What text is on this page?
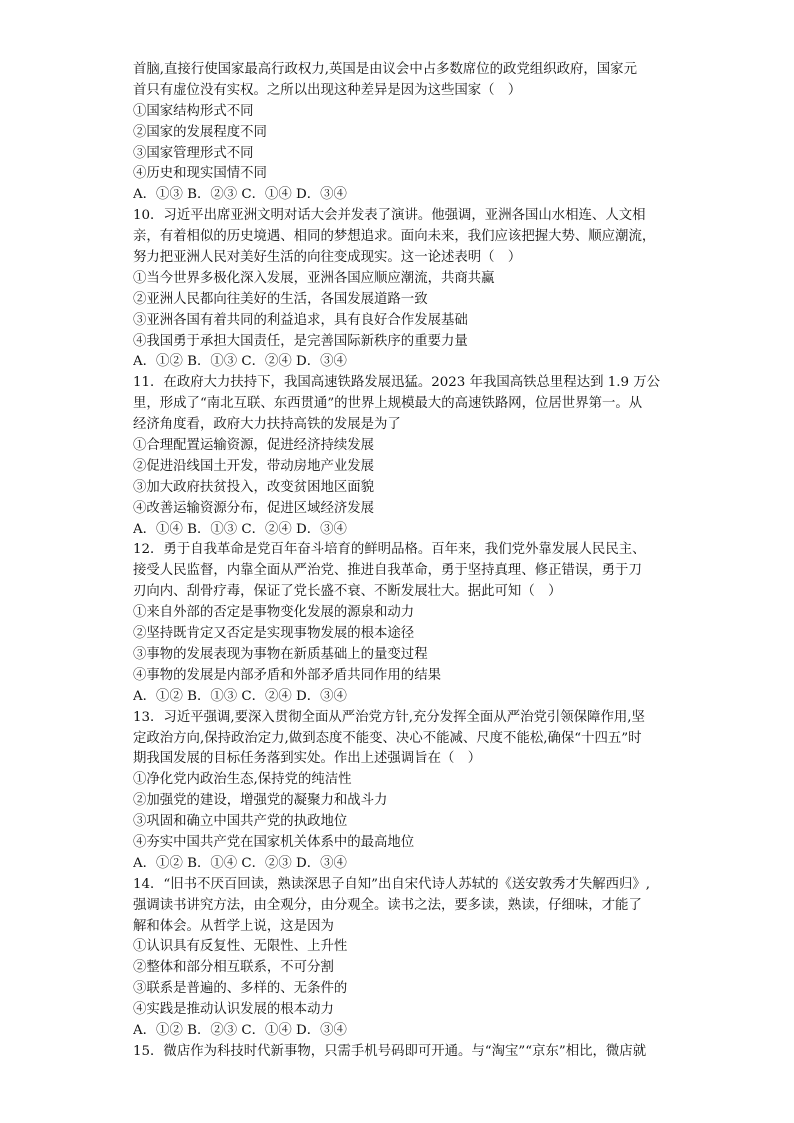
首脑,直接行使国家最高行政权力,英国是由议会中占多数席位的政党组织政府，国家元
首只有虚位没有实权。之所以出现这种差异是因为这些国家（　）
①国家结构形式不同
②国家的发展程度不同
③国家管理形式不同
④历史和现实国情不同
A．①③ B．②③ C．①④ D．③④
10．习近平出席亚洲文明对话大会并发表了演讲。他强调，亚洲各国山水相连、人文相
亲，有着相似的历史境遇、相同的梦想追求。面向未来，我们应该把握大势、顺应潮流，
努力把亚洲人民对美好生活的向往变成现实。这一论述表明（　）
①当今世界多极化深入发展，亚洲各国应顺应潮流，共商共赢
②亚洲人民都向往美好的生活，各国发展道路一致
③亚洲各国有着共同的利益追求，具有良好合作发展基础
④我国勇于承担大国责任，是完善国际新秩序的重要力量
A．①② B．①③ C．②④ D．③④
11．在政府大力扶持下，我国高速铁路发展迅猛。2023 年我国高铁总里程达到 1.9 万公
里，形成了“南北互联、东西贯通”的世界上规模最大的高速铁路网，位居世界第一。从
经济角度看，政府大力扶持高铁的发展是为了
①合理配置运输资源，促进经济持续发展
②促进沿线国土开发，带动房地产业发展
③加大政府扶贫投入，改变贫困地区面貌
④改善运输资源分布，促进区域经济发展
A．①④ B．①③ C．②④ D．③④
12．勇于自我革命是党百年奋斗培育的鲜明品格。百年来，我们党外靠发展人民民主、
接受人民监督，内靠全面从严治党、推进自我革命，勇于坚持真理、修正错误，勇于刀
刃向内、刮骨疗毒，保证了党长盛不衰、不断发展壮大。据此可知（　）
①来自外部的否定是事物变化发展的源泉和动力
②坚持既肯定又否定是实现事物发展的根本途径
③事物的发展表现为事物在新质基础上的量变过程
④事物的发展是内部矛盾和外部矛盾共同作用的结果
A．①② B．①③ C．②④ D．③④
13．习近平强调,要深入贯彻全面从严治党方针,充分发挥全面从严治党引领保障作用,坚
定政治方向,保持政治定力,做到态度不能变、决心不能减、尺度不能松,确保“十四五”时
期我国发展的目标任务落到实处。作出上述强调旨在（　）
①净化党内政治生态,保持党的纯洁性
②加强党的建设，增强党的凝聚力和战斗力
③巩固和确立中国共产党的执政地位
④夯实中国共产党在国家机关体系中的最高地位
A．①② B．①④ C．②③ D．③④
14．“旧书不厌百回读，熟读深思子自知”出自宋代诗人苏轼的《送安敦秀才失解西归》,
强调读书讲究方法，由全观分，由分观全。读书之法，要多读，熟读，仔细味，才能了
解和体会。从哲学上说，这是因为
①认识具有反复性、无限性、上升性
②整体和部分相互联系，不可分割
③联系是普遍的、多样的、无条件的
④实践是推动认识发展的根本动力
A．①② B．②③ C．①④ D．③④
15．微店作为科技时代新事物，只需手机号码即可开通。与“淘宝”“京东”相比，微店就
